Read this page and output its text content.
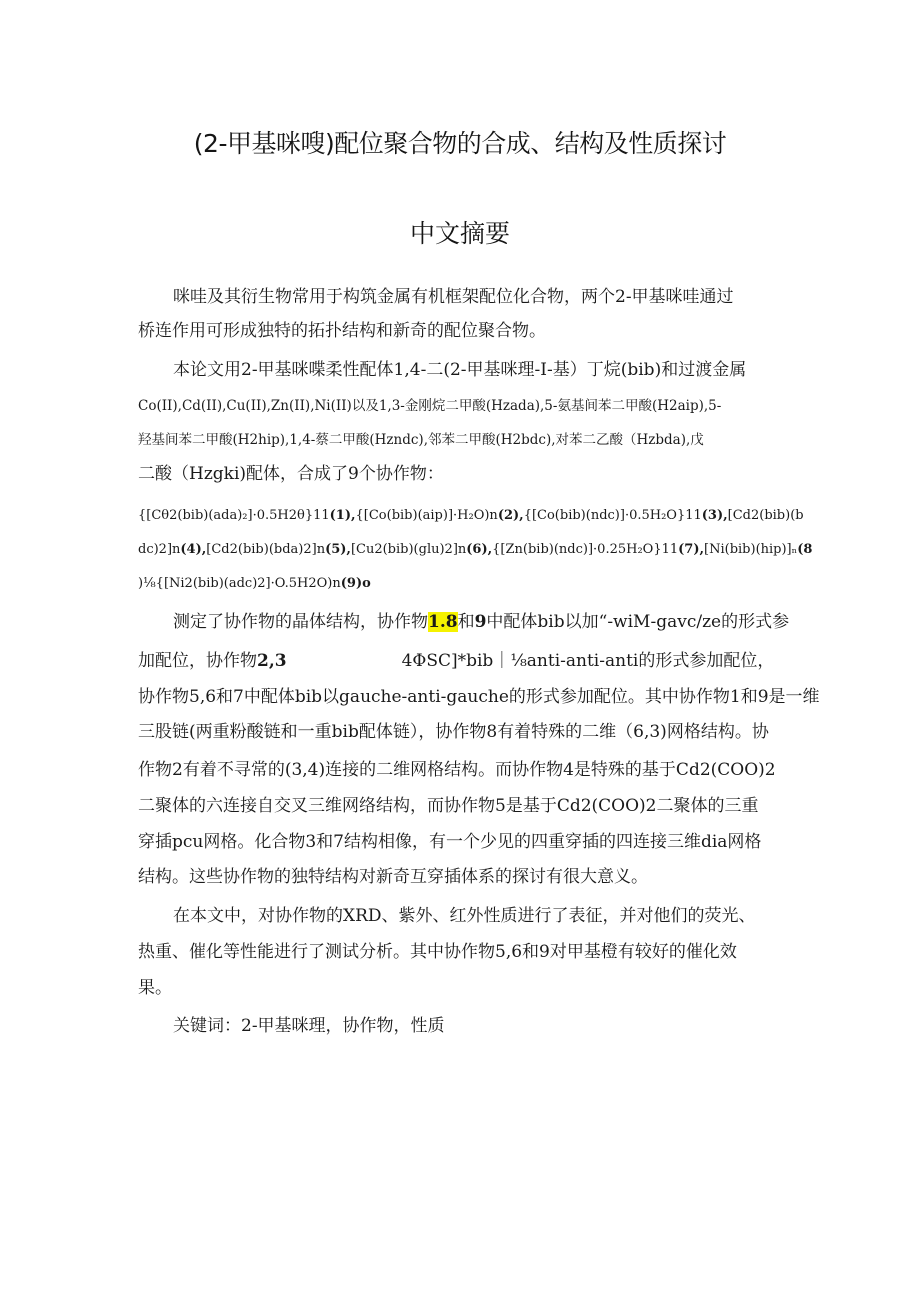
(2-甲基咪嗖)配位聚合物的合成、结构及性质探讨
中文摘要
咪哇及其衍生物常用于构筑金属有机框架配位化合物，两个2-甲基咪哇通过
桥连作用可形成独特的拓扑结构和新奇的配位聚合物。
本论文用2-甲基咪喋柔性配体1,4-二(2-甲基咪理-I-基）丁烷(bib)和过渡金属
Co(II),Cd(II),Cu(II),Zn(II),Ni(II)以及1,3-金刚烷二甲酸(Hzada),5-氨基间苯二甲酸(H2aip),5-
羟基间苯二甲酸(H2hip),1,4-蔡二甲酸(Hzndc),邻苯二甲酸(H2bdc),对苯二乙酸（Hzbda),戊
二酸（Hzgki)配体，合成了9个协作物：
{[Cθ2(bib)(ada)₂]·0.5H2θ}11(1),{[Co(bib)(aip)]·H₂O)n(2),{[Co(bib)(ndc)]·0.5H₂O}11(3),[Cd2(bib)(b
dc)2]n(4),[Cd2(bib)(bda)2]n(5),[Cu2(bib)(glu)2]n(6),{[Zn(bib)(ndc)]·0.25H₂O}11(7),[Ni(bib)(hip)]ₙ(8
)⅛{[Ni2(bib)(adc)2]·O.5H2O)n(9)o
测定了协作物的晶体结构，协作物1.8和9中配体bib以加“-wiM-gavc/ze的形式参
加配位，协作物2,3	4ΦSC]*bib｜⅛anti-anti-anti的形式参加配位，
协作物5,6和7中配体bib以gauche-anti-gauche的形式参加配位。其中协作物1和9是一维
三股链(两重粉酸链和一重bib配体链），协作物8有着特殊的二维（6,3)网格结构。协
作物2有着不寻常的(3,4)连接的二维网格结构。而协作物4是特殊的基于Cd2(COO)2
二聚体的六连接自交叉三维网络结构，而协作物5是基于Cd2(COO)2二聚体的三重
穿插pcu网格。化合物3和7结构相像，有一个少见的四重穿插的四连接三维dia网格
结构。这些协作物的独特结构对新奇互穿插体系的探讨有很大意义。
在本文中，对协作物的XRD、紫外、红外性质进行了表征，并对他们的荧光、
热重、催化等性能进行了测试分析。其中协作物5,6和9对甲基橙有较好的催化效
果。
关键词：2-甲基咪理，协作物，性质
